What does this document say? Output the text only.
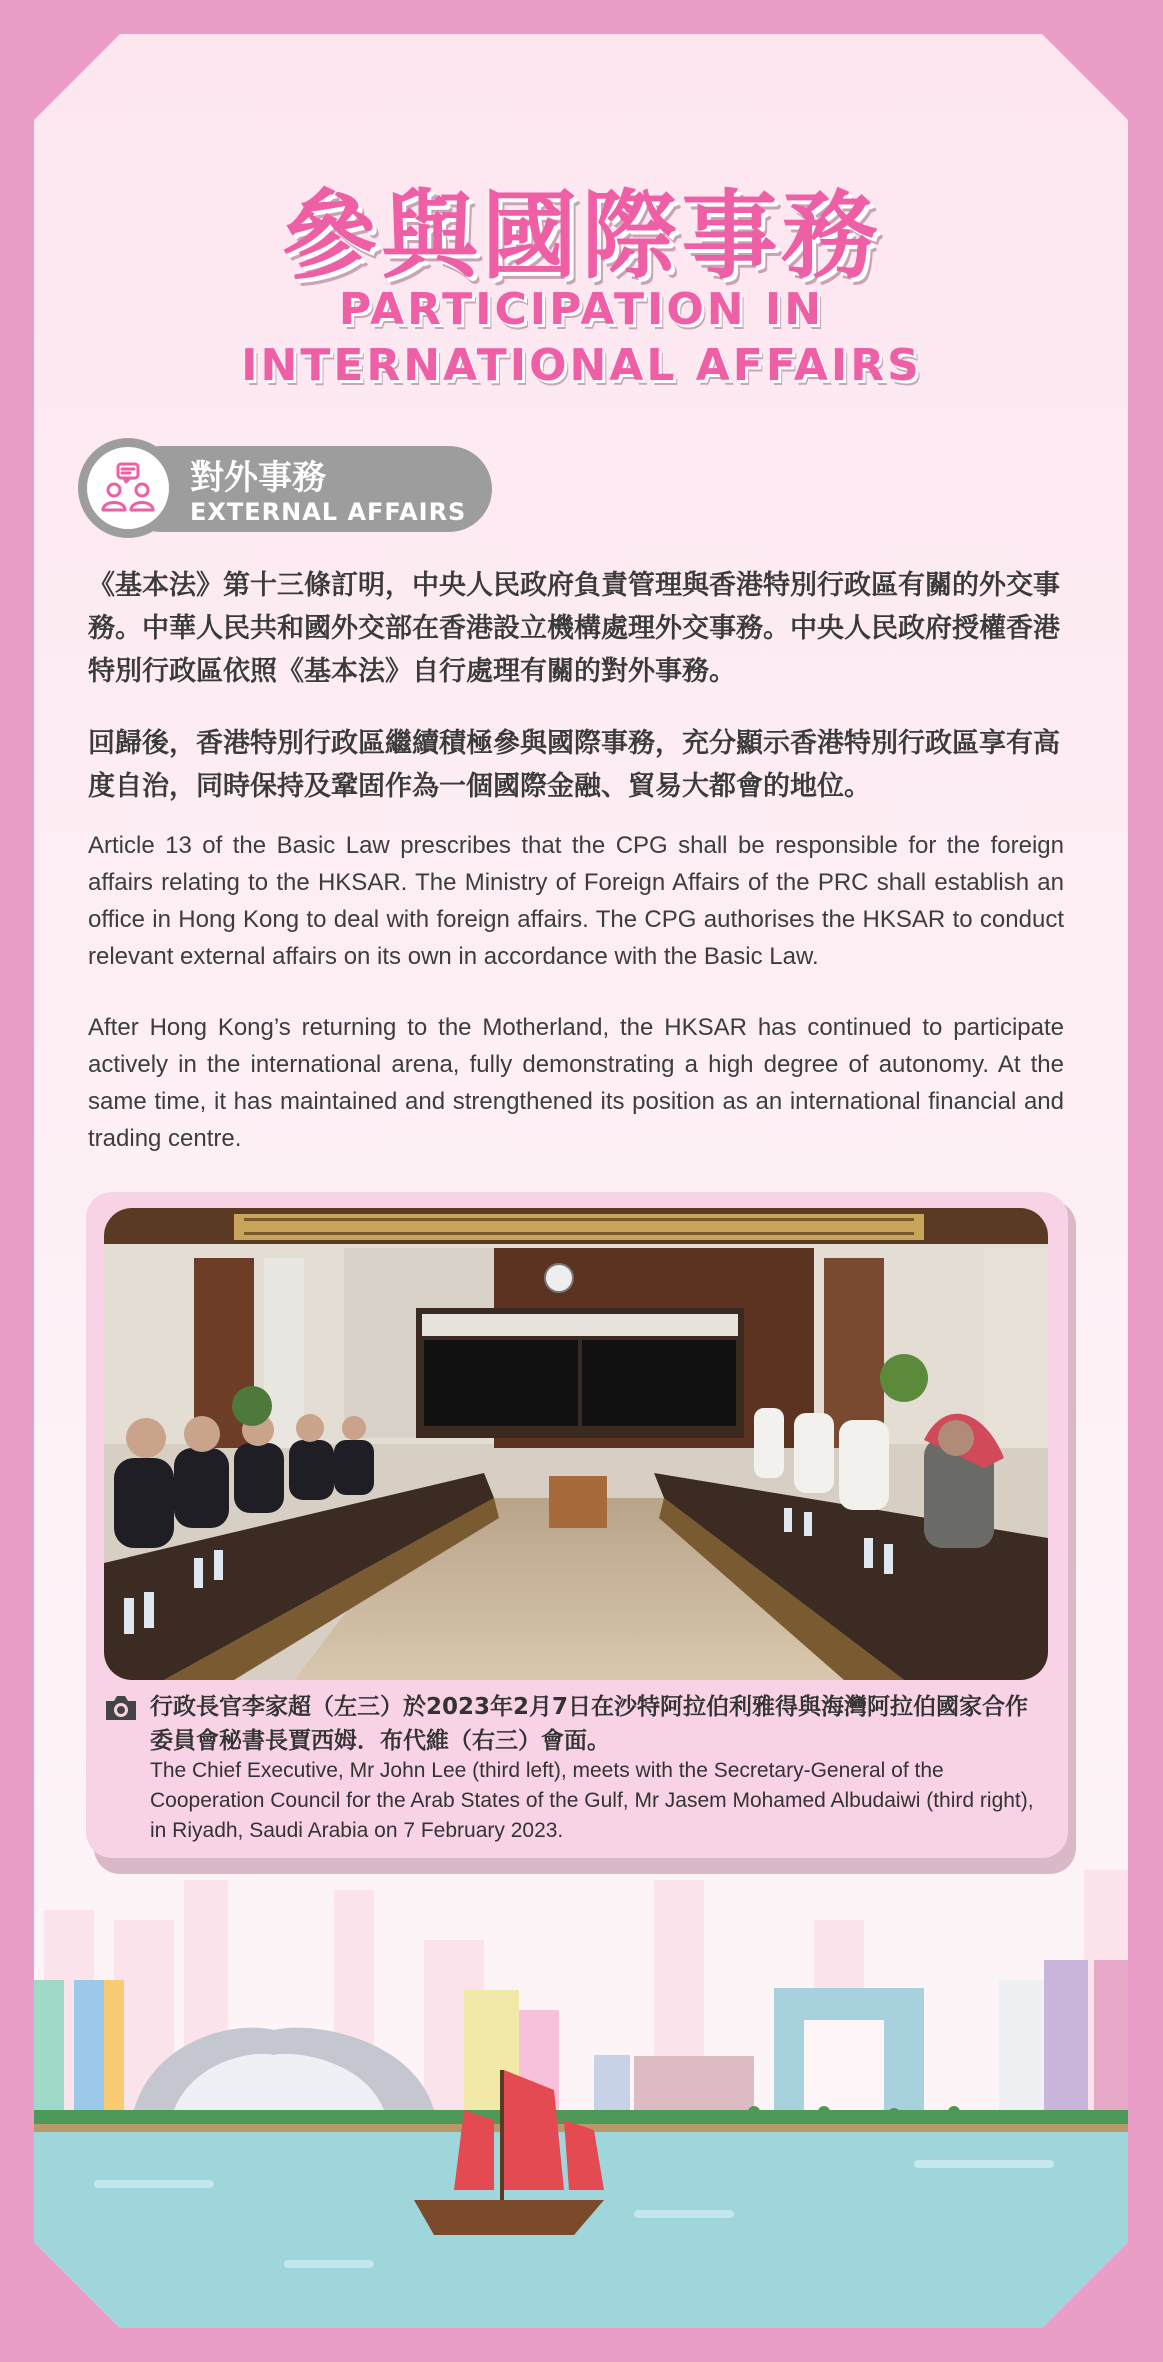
參與國際事務
PARTICIPATION IN
INTERNATIONAL AFFAIRS
對外事務
EXTERNAL AFFAIRS
《基本法》第十三條訂明，中央人民政府負責管理與香港特別行政區有關的外交事務。中華人民共和國外交部在香港設立機構處理外交事務。中央人民政府授權香港特別行政區依照《基本法》自行處理有關的對外事務。
回歸後，香港特別行政區繼續積極參與國際事務，充分顯示香港特別行政區享有高度自治，同時保持及鞏固作為一個國際金融、貿易大都會的地位。
Article 13 of the Basic Law prescribes that the CPG shall be responsible for the foreign affairs relating to the HKSAR. The Ministry of Foreign Affairs of the PRC shall establish an office in Hong Kong to deal with foreign affairs. The CPG authorises the HKSAR to conduct relevant external affairs on its own in accordance with the Basic Law.
After Hong Kong’s returning to the Motherland, the HKSAR has continued to participate actively in the international arena, fully demonstrating a high degree of autonomy. At the same time, it has maintained and strengthened its position as an international financial and trading centre.
行政長官李家超（左三）於2023年2月7日在沙特阿拉伯利雅得與海灣阿拉伯國家合作委員會秘書長賈西姆．布代維（右三）會面。
The Chief Executive, Mr John Lee (third left), meets with the Secretary-General of the Cooperation Council for the Arab States of the Gulf, Mr Jasem Mohamed Albudaiwi (third right), in Riyadh, Saudi Arabia on 7 February 2023.
